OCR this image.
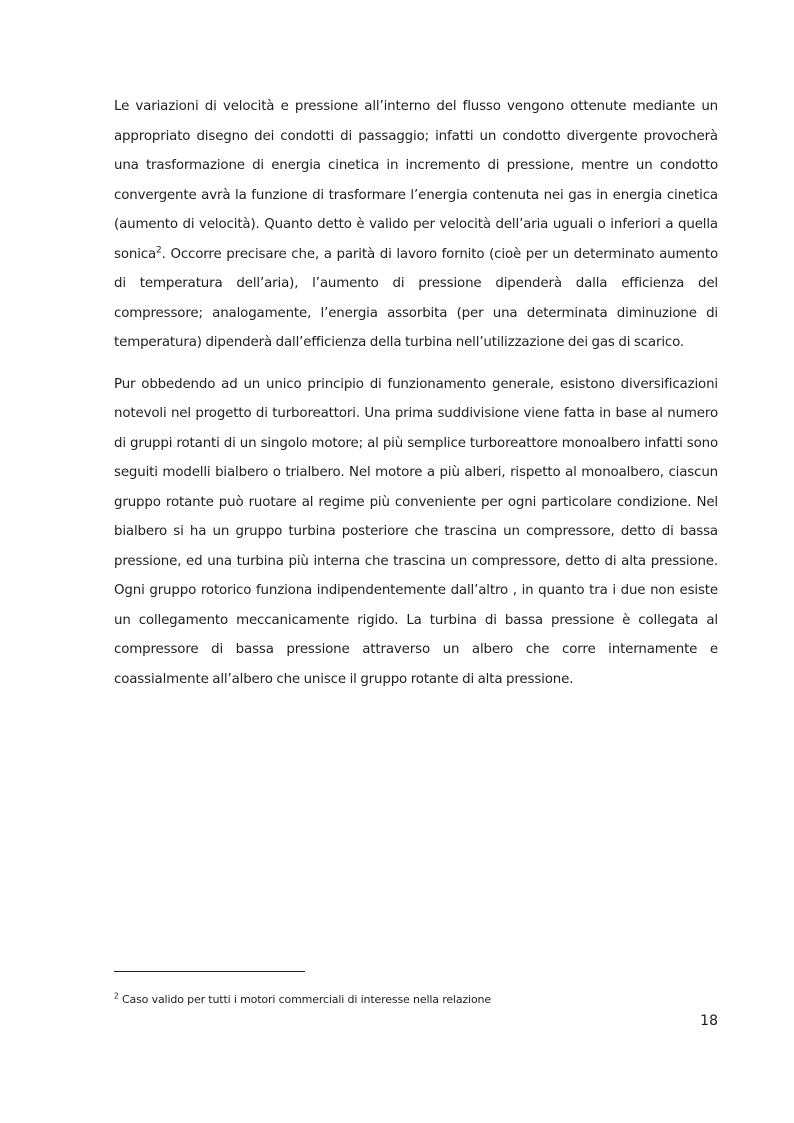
Le variazioni di velocità e pressione all’interno del flusso vengono ottenute mediante un appropriato disegno dei condotti di passaggio; infatti un condotto divergente provocherà una trasformazione di energia cinetica in incremento di pressione, mentre un condotto convergente avrà la funzione di trasformare l’energia contenuta nei gas in energia cinetica (aumento di velocità). Quanto detto è valido per velocità dell’aria uguali o inferiori a quella sonica$^2$. Occorre precisare che, a parità di lavoro fornito (cioè per un determinato aumento di temperatura dell’aria), l’aumento di pressione dipenderà dalla efficienza del compressore; analogamente, l’energia assorbita (per una determinata diminuzione di temperatura) dipenderà dall’efficienza della turbina nell’utilizzazione dei gas di scarico.

Pur obbedendo ad un unico principio di funzionamento generale, esistono diversificazioni notevoli nel progetto di turboreattori. Una prima suddivisione viene fatta in base al numero di gruppi rotanti di un singolo motore; al più semplice turboreattore monoalbero infatti sono seguiti modelli bialbero o trialbero. Nel motore a più alberi, rispetto al monoalbero, ciascun gruppo rotante può ruotare al regime più conveniente per ogni particolare condizione. Nel bialbero si ha un gruppo turbina posteriore che trascina un compressore, detto di bassa pressione, ed una turbina più interna che trascina un compressore, detto di alta pressione. Ogni gruppo rotorico funziona indipendentemente dall’altro , in quanto tra i due non esiste un collegamento meccanicamente rigido. La turbina di bassa pressione è collegata al compressore di bassa pressione attraverso un albero che corre internamente e coassialmente all’albero che unisce il gruppo rotante di alta pressione.

$^2$ Caso valido per tutti i motori commerciali di interesse nella relazione
18
